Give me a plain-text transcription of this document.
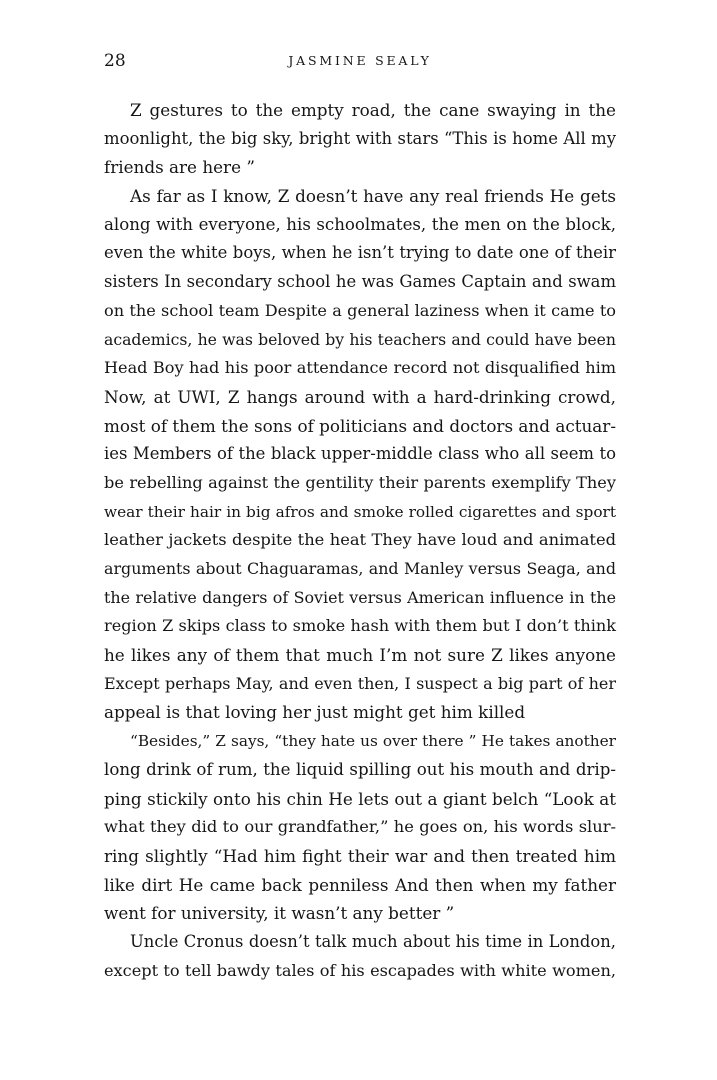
28	JASMINE SEALY
Z gestures to the empty road, the cane swaying in the
moonlight, the big sky, bright with stars “This is home All my
friends are here ”
As far as I know, Z doesn’t have any real friends He gets
along with everyone, his schoolmates, the men on the block,
even the white boys, when he isn’t trying to date one of their
sisters In secondary school he was Games Captain and swam
on the school team Despite a general laziness when it came to
academics, he was beloved by his teachers and could have been
Head Boy had his poor attendance record not disqualified him
Now, at UWI, Z hangs around with a hard-drinking crowd,
most of them the sons of politicians and doctors and actuar-
ies Members of the black upper-middle class who all seem to
be rebelling against the gentility their parents exemplify They
wear their hair in big afros and smoke rolled cigarettes and sport
leather jackets despite the heat They have loud and animated
arguments about Chaguaramas, and Manley versus Seaga, and
the relative dangers of Soviet versus American influence in the
region Z skips class to smoke hash with them but I don’t think
he likes any of them that much I’m not sure Z likes anyone
Except perhaps May, and even then, I suspect a big part of her
appeal is that loving her just might get him killed
“Besides,” Z says, “they hate us over there ” He takes another
long drink of rum, the liquid spilling out his mouth and drip-
ping stickily onto his chin He lets out a giant belch “Look at
what they did to our grandfather,” he goes on, his words slur-
ring slightly “Had him fight their war and then treated him
like dirt He came back penniless And then when my father
went for university, it wasn’t any better ”
Uncle Cronus doesn’t talk much about his time in London,
except to tell bawdy tales of his escapades with white women,
